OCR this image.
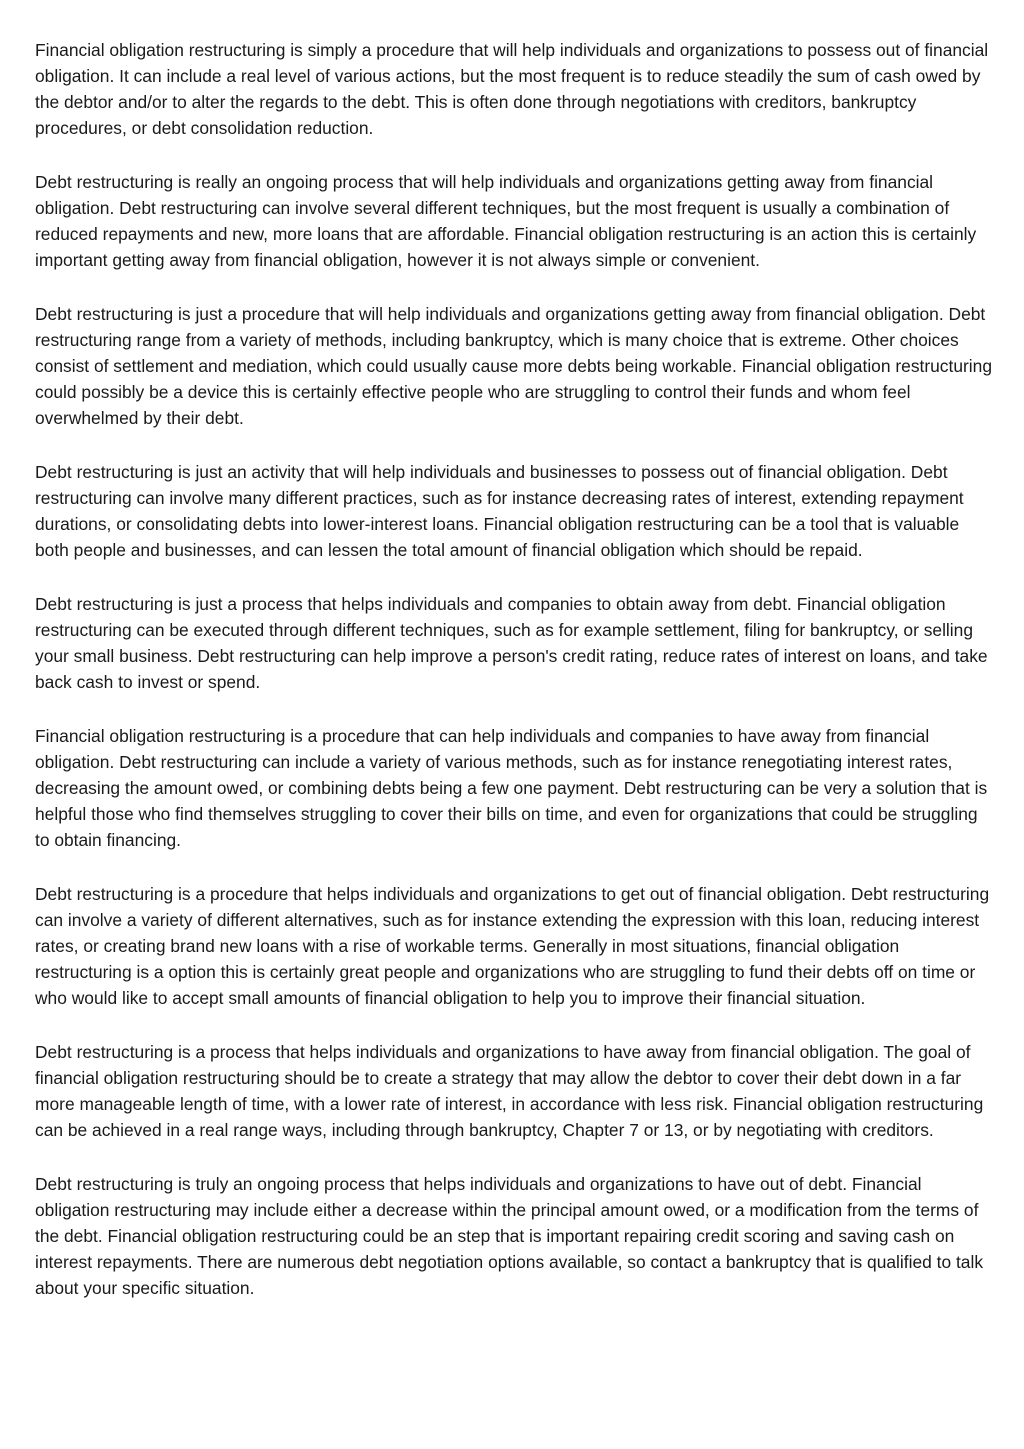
Financial obligation restructuring is simply a procedure that will help individuals and organizations to possess out of financial obligation. It can include a real level of various actions, but the most frequent is to reduce steadily the sum of cash owed by the debtor and/or to alter the regards to the debt. This is often done through negotiations with creditors, bankruptcy procedures, or debt consolidation reduction.

Debt restructuring is really an ongoing process that will help individuals and organizations getting away from financial obligation. Debt restructuring can involve several different techniques, but the most frequent is usually a combination of reduced repayments and new, more loans that are affordable. Financial obligation restructuring is an action this is certainly important getting away from financial obligation, however it is not always simple or convenient.

Debt restructuring is just a procedure that will help individuals and organizations getting away from financial obligation. Debt restructuring range from a variety of methods, including bankruptcy, which is many choice that is extreme. Other choices consist of settlement and mediation, which could usually cause more debts being workable. Financial obligation restructuring could possibly be a device this is certainly effective people who are struggling to control their funds and whom feel overwhelmed by their debt.

Debt restructuring is just an activity that will help individuals and businesses to possess out of financial obligation. Debt restructuring can involve many different practices, such as for instance decreasing rates of interest, extending repayment durations, or consolidating debts into lower-interest loans. Financial obligation restructuring can be a tool that is valuable both people and businesses, and can lessen the total amount of financial obligation which should be repaid.

Debt restructuring is just a process that helps individuals and companies to obtain away from debt. Financial obligation restructuring can be executed through different techniques, such as for example settlement, filing for bankruptcy, or selling your small business. Debt restructuring can help improve a person's credit rating, reduce rates of interest on loans, and take back cash to invest or spend.

Financial obligation restructuring is a procedure that can help individuals and companies to have away from financial obligation. Debt restructuring can include a variety of various methods, such as for instance renegotiating interest rates, decreasing the amount owed, or combining debts being a few one payment. Debt restructuring can be very a solution that is helpful those who find themselves struggling to cover their bills on time, and even for organizations that could be struggling to obtain financing.

Debt restructuring is a procedure that helps individuals and organizations to get out of financial obligation. Debt restructuring can involve a variety of different alternatives, such as for instance extending the expression with this loan, reducing interest rates, or creating brand new loans with a rise of workable terms. Generally in most situations, financial obligation restructuring is a option this is certainly great people and organizations who are struggling to fund their debts off on time or who would like to accept small amounts of financial obligation to help you to improve their financial situation.

Debt restructuring is a process that helps individuals and organizations to have away from financial obligation. The goal of financial obligation restructuring should be to create a strategy that may allow the debtor to cover their debt down in a far more manageable length of time, with a lower rate of interest, in accordance with less risk. Financial obligation restructuring can be achieved in a real range ways, including through bankruptcy, Chapter 7 or 13, or by negotiating with creditors.

Debt restructuring is truly an ongoing process that helps individuals and organizations to have out of debt. Financial obligation restructuring may include either a decrease within the principal amount owed, or a modification from the terms of the debt. Financial obligation restructuring could be an step that is important repairing credit scoring and saving cash on interest repayments. There are numerous debt negotiation options available, so contact a bankruptcy that is qualified to talk about your specific situation.
